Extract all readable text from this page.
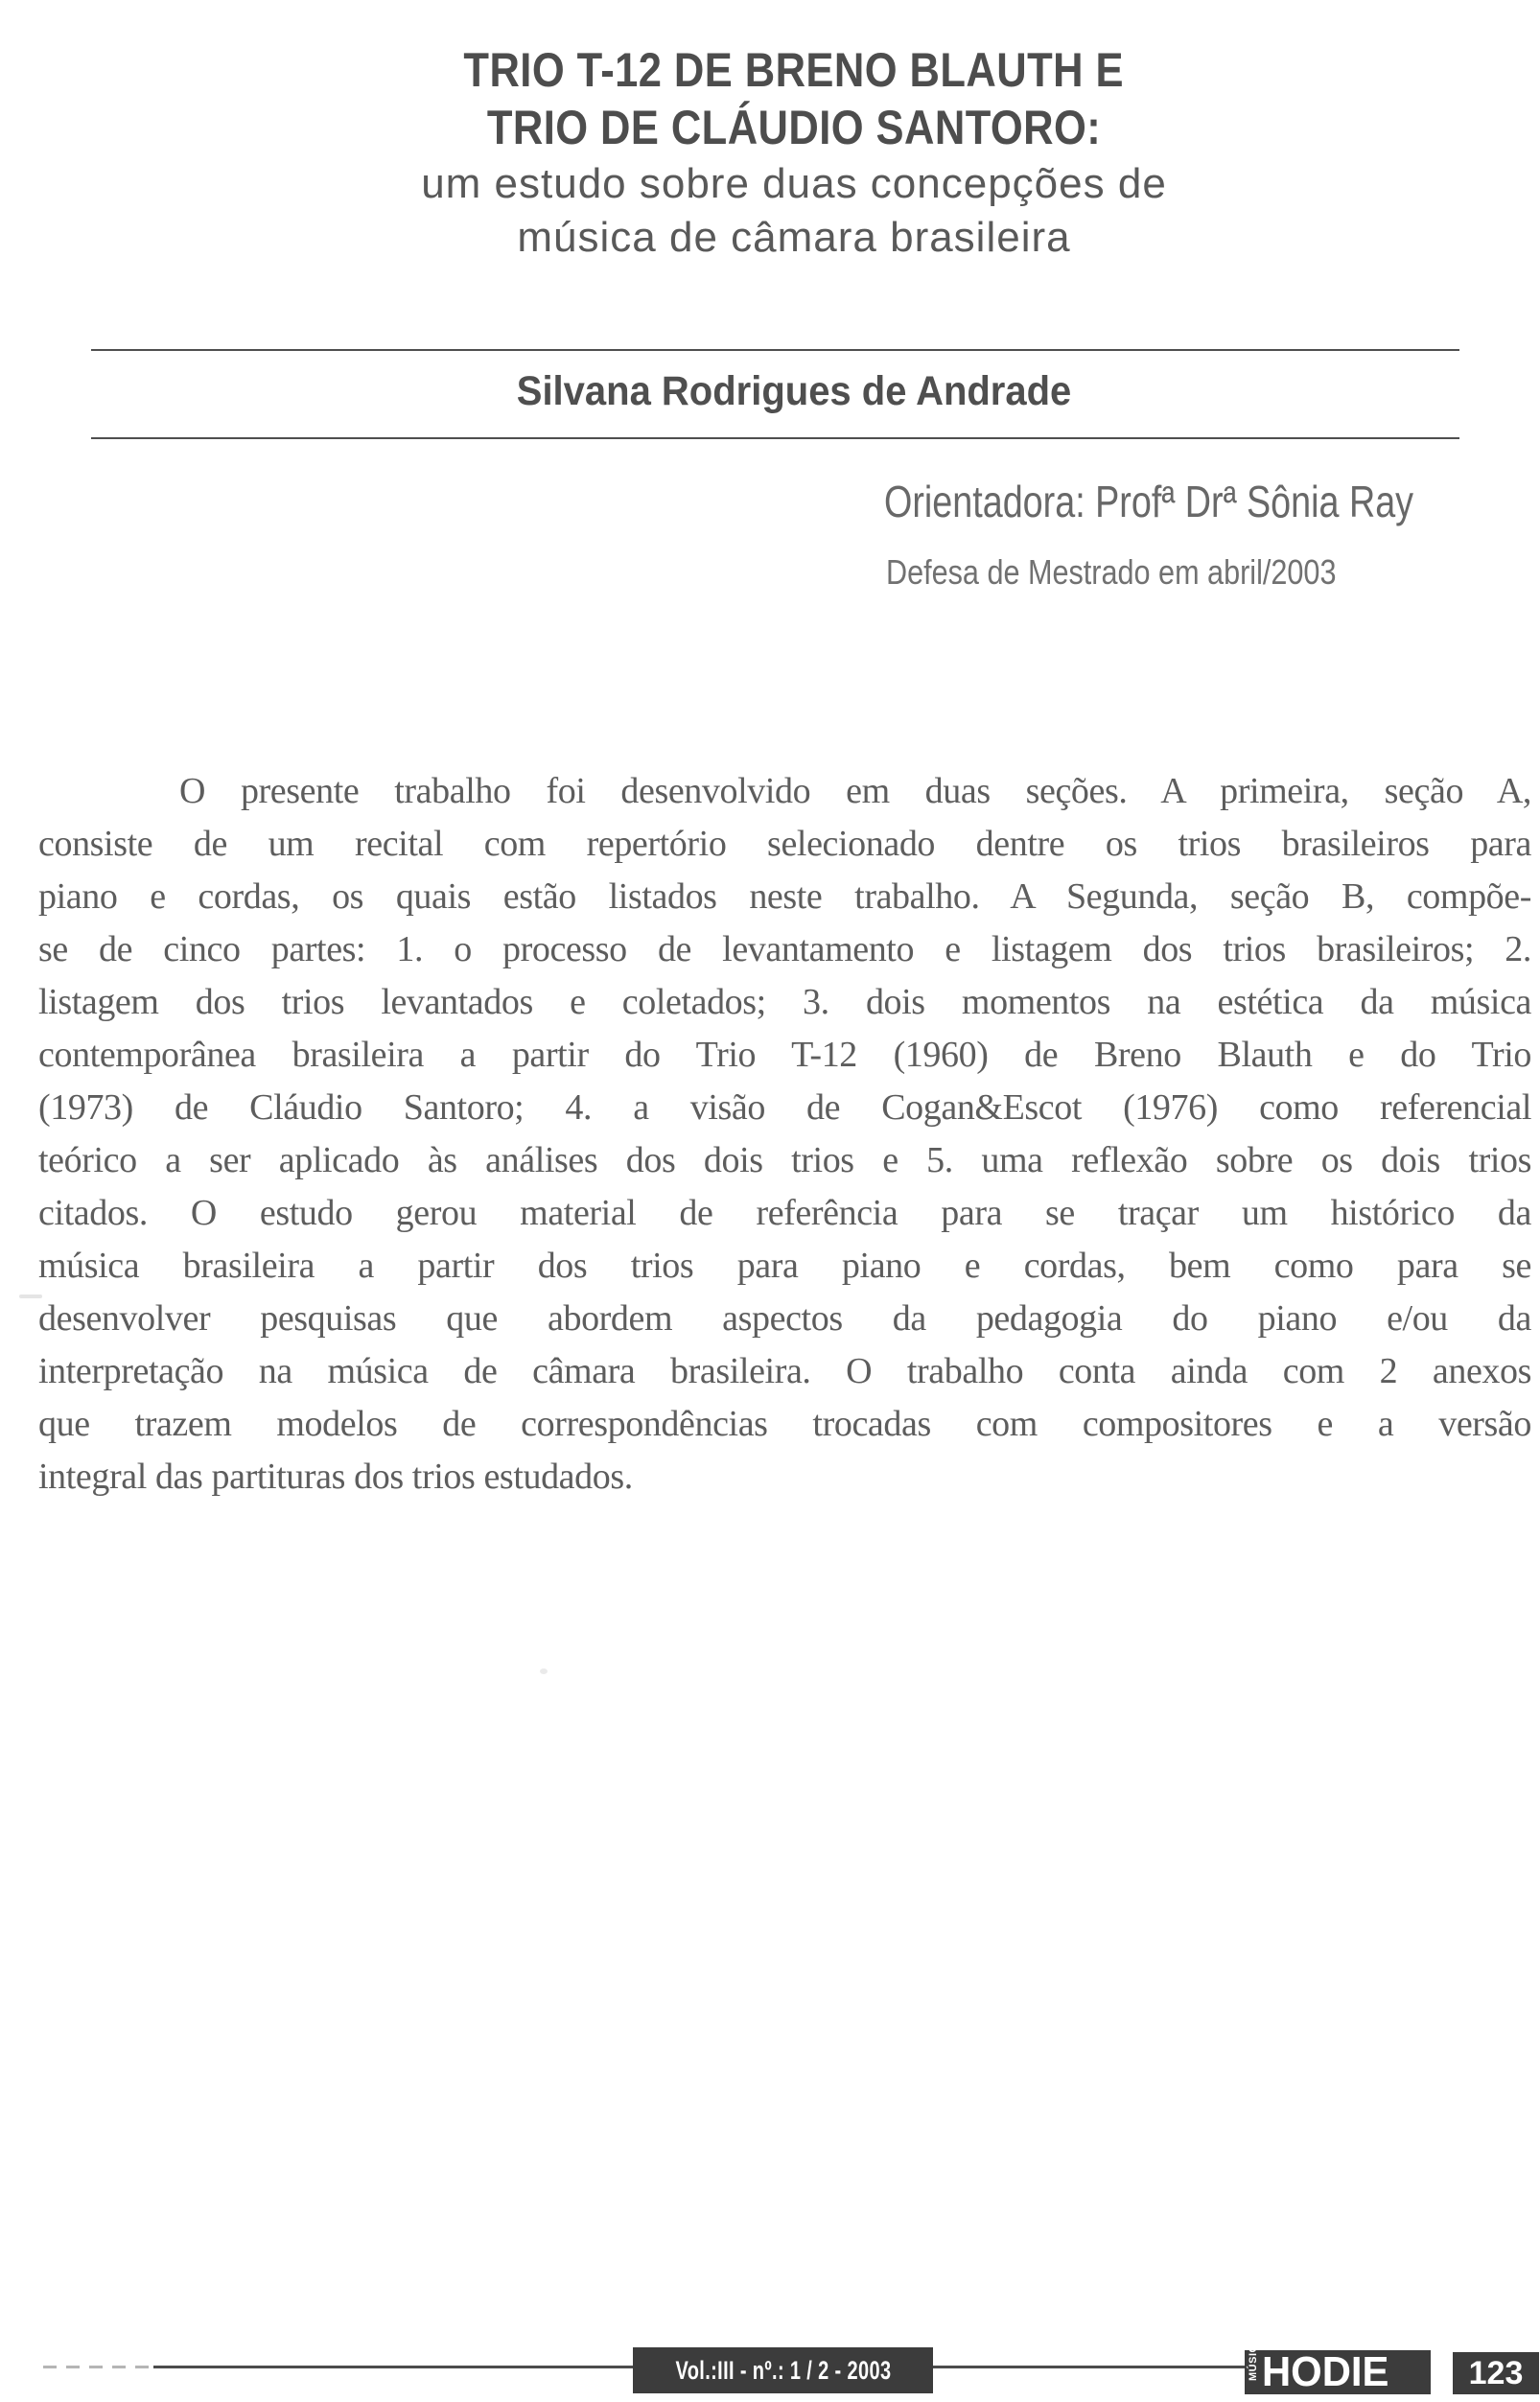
TRIO T-12 DE BRENO BLAUTH E
TRIO DE CLÁUDIO SANTORO:
um estudo sobre duas concepções de
música de câmara brasileira
Silvana Rodrigues de Andrade
Orientadora: Profª Drª Sônia Ray
Defesa de Mestrado em abril/2003
O presente trabalho foi desenvolvido em duas seções. A primeira, seção A,
consiste de um recital com repertório selecionado dentre os trios brasileiros para
piano e cordas, os quais estão listados neste trabalho. A Segunda, seção B, compõe-
se de cinco partes: 1. o processo de levantamento e listagem dos trios brasileiros; 2.
listagem dos trios levantados e coletados; 3. dois momentos na estética da música
contemporânea brasileira a partir do Trio T-12 (1960) de Breno Blauth e do Trio
(1973) de Cláudio Santoro; 4. a visão de Cogan&Escot (1976) como referencial
teórico a ser aplicado às análises dos dois trios e 5. uma reflexão sobre os dois trios
citados. O estudo gerou material de referência para se traçar um histórico da
música brasileira a partir dos trios para piano e cordas, bem como para se
desenvolver pesquisas que abordem aspectos da pedagogia do piano e/ou da
interpretação na música de câmara brasileira. O trabalho conta ainda com 2 anexos
que trazem modelos de correspondências trocadas com compositores e a versão
integral das partituras dos trios estudados.
Vol.:III - nº.: 1 / 2 - 2003	MÚSICA HODIE 123
